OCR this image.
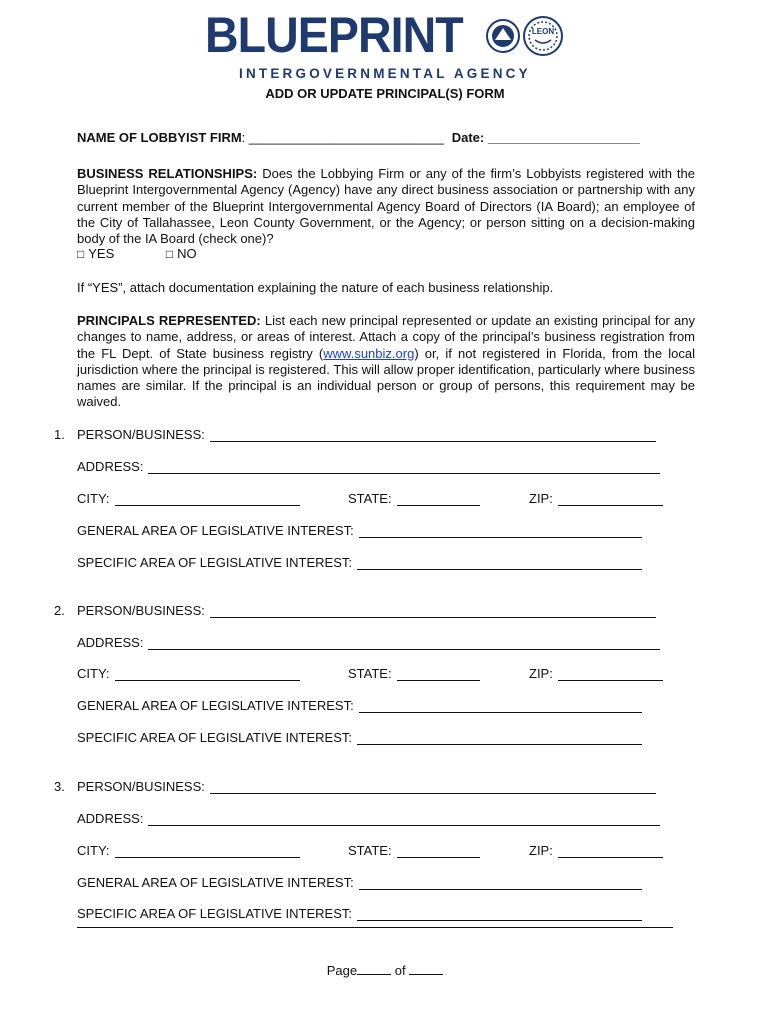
BLUEPRINT	LEON
INTERGOVERNMENTAL AGENCY
ADD OR UPDATE PRINCIPAL(S) FORM
NAME OF LOBBYIST FIRM: ___________________________ Date: _____________________
BUSINESS RELATIONSHIPS: Does the Lobbying Firm or any of the firm’s Lobbyists registered with the Blueprint Intergovernmental Agency (Agency) have any direct business association or partnership with any current member of the Blueprint Intergovernmental Agency Board of Directors (IA Board); an employee of the City of Tallahassee, Leon County Government, or the Agency; or person sitting on a decision-making body of the IA Board (check one)?
□ YES	□ NO
If “YES”, attach documentation explaining the nature of each business relationship.
PRINCIPALS REPRESENTED: List each new principal represented or update an existing principal for any changes to name, address, or areas of interest. Attach a copy of the principal’s business registration from the FL Dept. of State business registry (www.sunbiz.org) or, if not registered in Florida, from the local jurisdiction where the principal is registered. This will allow proper identification, particularly where business names are similar. If the principal is an individual person or group of persons, this requirement may be waived.
1. PERSON/BUSINESS:
ADDRESS:
CITY:	STATE:	ZIP:
GENERAL AREA OF LEGISLATIVE INTEREST:
SPECIFIC AREA OF LEGISLATIVE INTEREST:
2. PERSON/BUSINESS:
ADDRESS:
CITY:	STATE:	ZIP:
GENERAL AREA OF LEGISLATIVE INTEREST:
SPECIFIC AREA OF LEGISLATIVE INTEREST:
3. PERSON/BUSINESS:
ADDRESS:
CITY:	STATE:	ZIP:
GENERAL AREA OF LEGISLATIVE INTEREST:
SPECIFIC AREA OF LEGISLATIVE INTEREST:
Page	of
